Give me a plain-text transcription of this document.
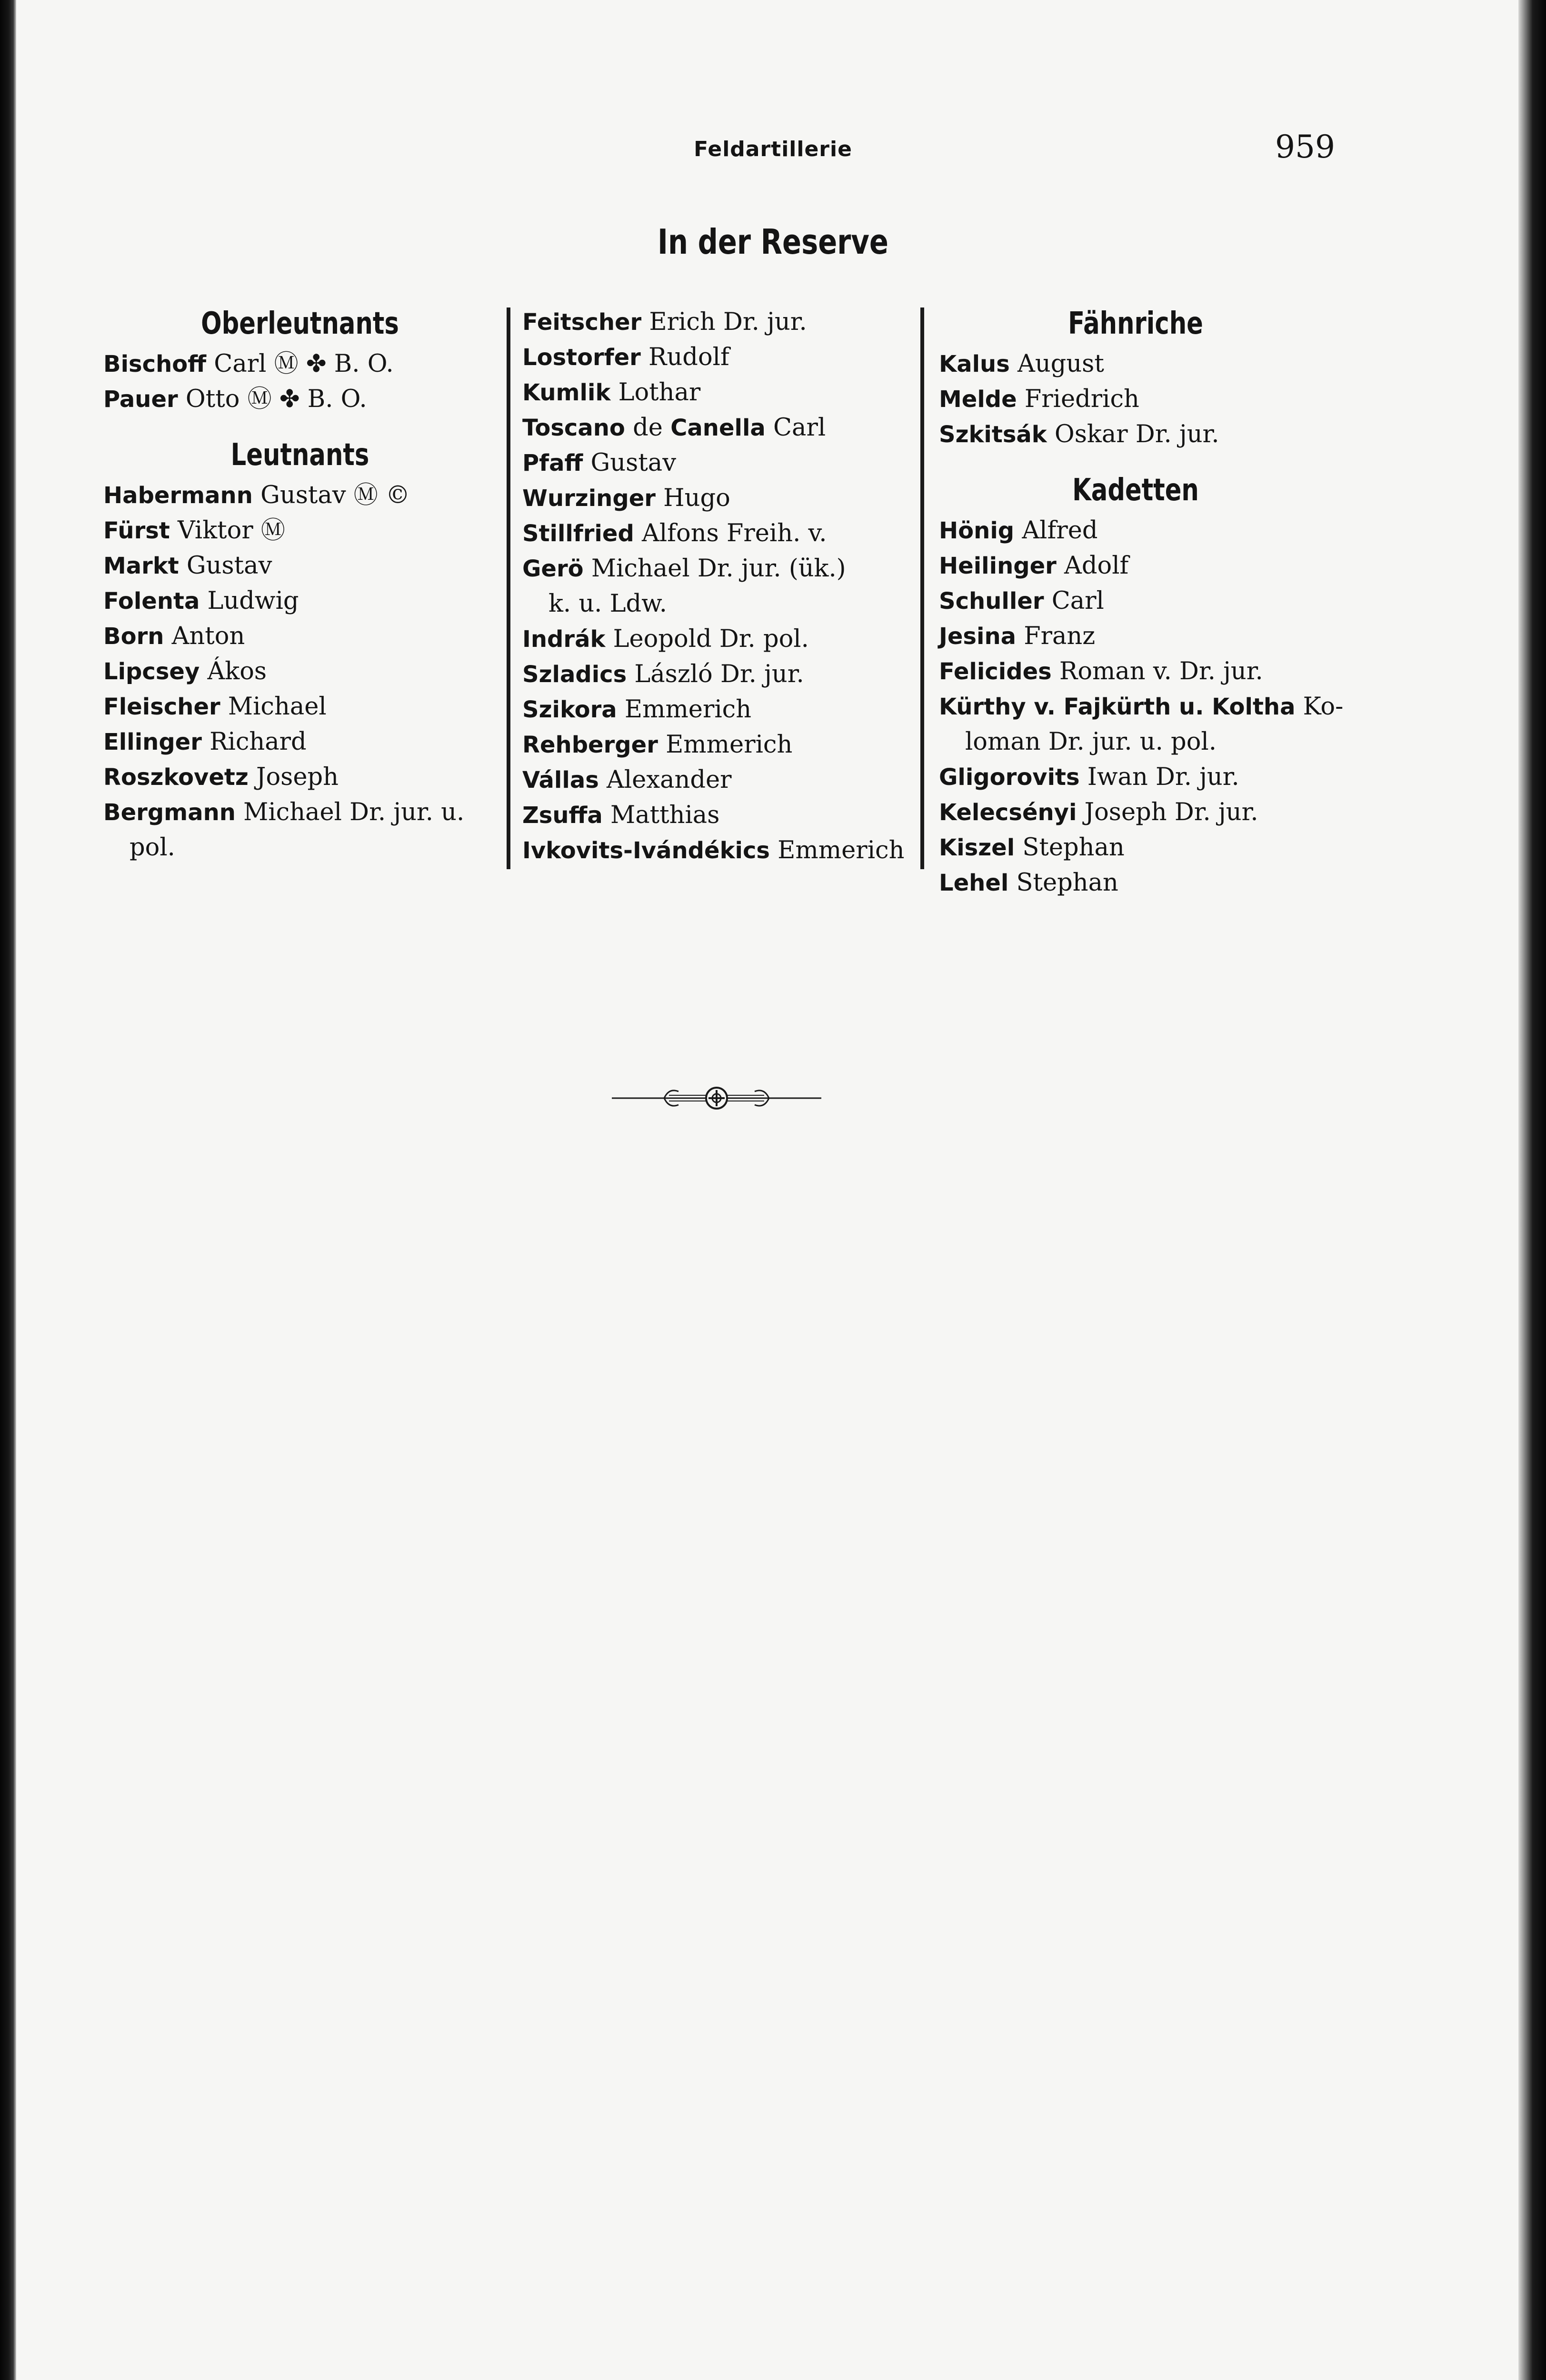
Feldartillerie	959
In der Reserve
Oberleutnants
Bischoff Carl Ⓜ ✤ B. O.
Pauer Otto Ⓜ ✤ B. O.
Leutnants
Habermann Gustav Ⓜ ©
Fürst Viktor Ⓜ
Markt Gustav
Folenta Ludwig
Born Anton
Lipcsey Ákos
Fleischer Michael
Ellinger Richard
Roszkovetz Joseph
Bergmann Michael Dr. jur. u.
pol.
Feitscher Erich Dr. jur.
Lostorfer Rudolf
Kumlik Lothar
Toscano de Canella Carl
Pfaff Gustav
Wurzinger Hugo
Stillfried Alfons Freih. v.
Gerö Michael Dr. jur. (ük.)
k. u. Ldw.
Indrák Leopold Dr. pol.
Szladics László Dr. jur.
Szikora Emmerich
Rehberger Emmerich
Vállas Alexander
Zsuffa Matthias
Ivkovits-Ivándékics Emmerich
Fähnriche
Kalus August
Melde Friedrich
Szkitsák Oskar Dr. jur.
Kadetten
Hönig Alfred
Heilinger Adolf
Schuller Carl
Jesina Franz
Felicides Roman v. Dr. jur.
Kürthy v. Fajkürth u. Koltha Ko-
loman Dr. jur. u. pol.
Gligorovits Iwan Dr. jur.
Kelecsényi Joseph Dr. jur.
Kiszel Stephan
Lehel Stephan
